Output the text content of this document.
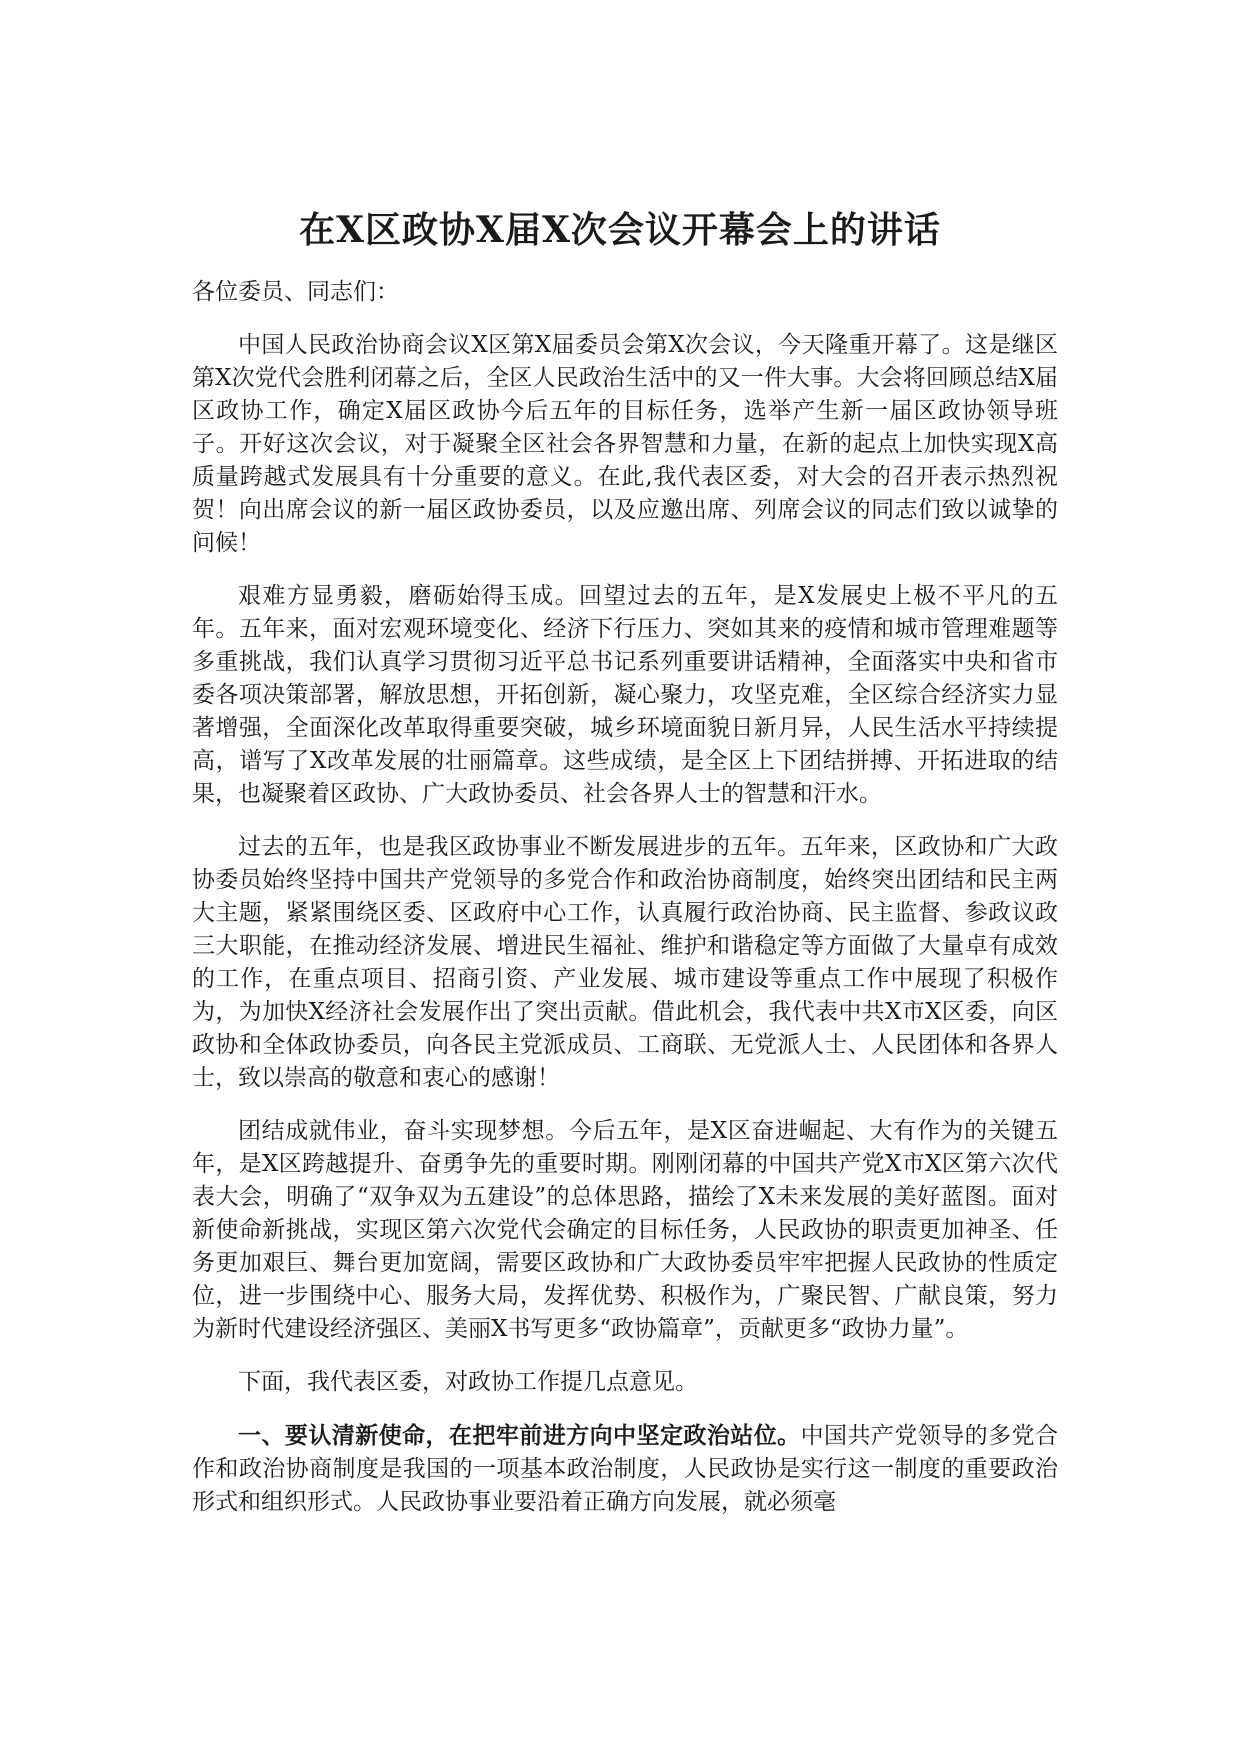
在X区政协X届X次会议开幕会上的讲话

各位委员、同志们：

中国人民政治协商会议X区第X届委员会第X次会议，今天隆重开幕了。这是继区第X次党代会胜利闭幕之后，全区人民政治生活中的又一件大事。大会将回顾总结X届区政协工作，确定X届区政协今后五年的目标任务，选举产生新一届区政协领导班子。开好这次会议，对于凝聚全区社会各界智慧和力量，在新的起点上加快实现X高质量跨越式发展具有十分重要的意义。在此,我代表区委，对大会的召开表示热烈祝贺！向出席会议的新一届区政协委员，以及应邀出席、列席会议的同志们致以诚挚的问候！

艰难方显勇毅，磨砺始得玉成。回望过去的五年，是X发展史上极不平凡的五年。五年来，面对宏观环境变化、经济下行压力、突如其来的疫情和城市管理难题等多重挑战，我们认真学习贯彻习近平总书记系列重要讲话精神，全面落实中央和省市委各项决策部署，解放思想，开拓创新，凝心聚力，攻坚克难，全区综合经济实力显著增强，全面深化改革取得重要突破，城乡环境面貌日新月异，人民生活水平持续提高，谱写了X改革发展的壮丽篇章。这些成绩，是全区上下团结拼搏、开拓进取的结果，也凝聚着区政协、广大政协委员、社会各界人士的智慧和汗水。

过去的五年，也是我区政协事业不断发展进步的五年。五年来，区政协和广大政协委员始终坚持中国共产党领导的多党合作和政治协商制度，始终突出团结和民主两大主题，紧紧围绕区委、区政府中心工作，认真履行政治协商、民主监督、参政议政三大职能，在推动经济发展、增进民生福祉、维护和谐稳定等方面做了大量卓有成效的工作，在重点项目、招商引资、产业发展、城市建设等重点工作中展现了积极作为，为加快X经济社会发展作出了突出贡献。借此机会，我代表中共X市X区委，向区政协和全体政协委员，向各民主党派成员、工商联、无党派人士、人民团体和各界人士，致以崇高的敬意和衷心的感谢！

团结成就伟业，奋斗实现梦想。今后五年，是X区奋进崛起、大有作为的关键五年，是X区跨越提升、奋勇争先的重要时期。刚刚闭幕的中国共产党X市X区第六次代表大会，明确了“双争双为五建设”的总体思路，描绘了X未来发展的美好蓝图。面对新使命新挑战，实现区第六次党代会确定的目标任务，人民政协的职责更加神圣、任务更加艰巨、舞台更加宽阔，需要区政协和广大政协委员牢牢把握人民政协的性质定位，进一步围绕中心、服务大局，发挥优势、积极作为，广聚民智、广献良策，努力为新时代建设经济强区、美丽X书写更多“政协篇章”，贡献更多“政协力量”。

下面，我代表区委，对政协工作提几点意见。

一、要认清新使命，在把牢前进方向中坚定政治站位。中国共产党领导的多党合作和政治协商制度是我国的一项基本政治制度，人民政协是实行这一制度的重要政治形式和组织形式。人民政协事业要沿着正确方向发展，就必须毫
